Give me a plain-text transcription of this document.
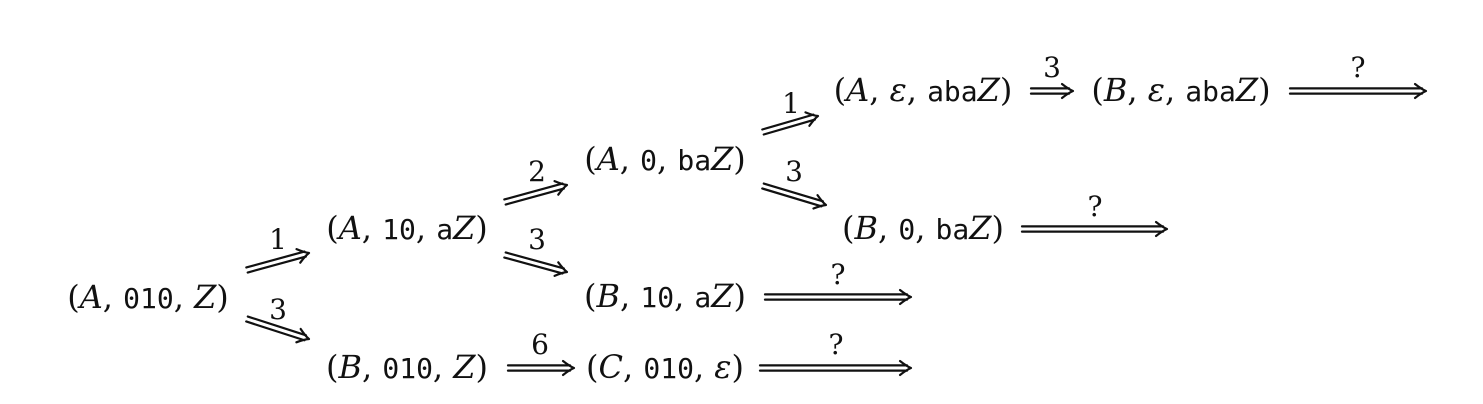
(A, 010, Z)
(A, 10, aZ)
(B, 010, Z)
(A, 0, baZ)
(B, 10, aZ)
(C, 010, ε)
(A, ε, abaZ)
(B, 0, baZ)
(B, ε, abaZ)
1
3
2
3
6
1
3
3	?
?
?
?
